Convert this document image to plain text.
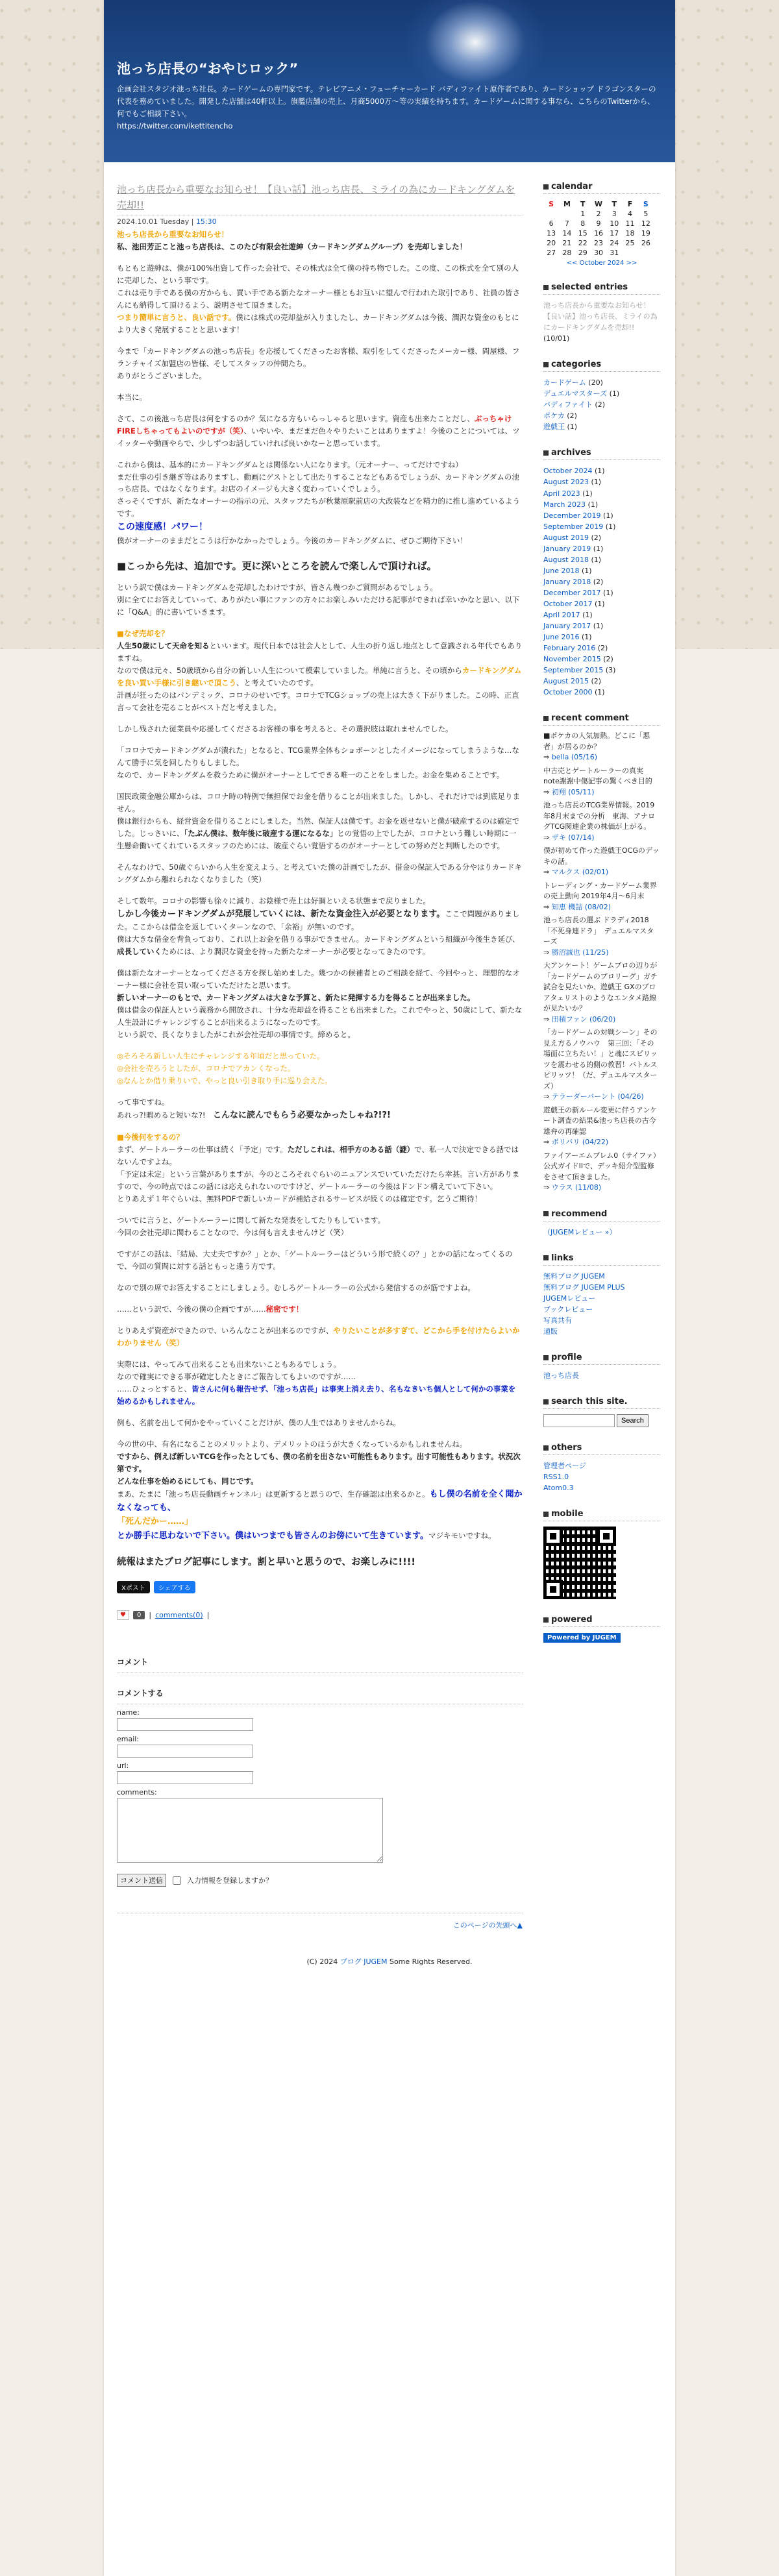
池っち店長の“おやじロック”
企画会社スタジオ池っち社長。カードゲームの専門家です。テレビアニメ・フューチャーカード バディファイト原作者であり、カードショップ ドラゴンスターの代表を務めていました。開発した店舗は40軒以上。旗艦店舗の売上、月商5000万〜等の実績を持ちます。カードゲームに関する事なら、こちらのTwitterから、何でもご相談下さい。
https://twitter.com/ikettitencho
池っち店長から重要なお知らせ！【良い話】池っち店長、ミライの為にカードキングダムを売却!!
2024.10.01 Tuesday | 15:30

池っち店長から重要なお知らせ！

私、池田芳正こと池っち店長は、このたび有限会社遊紳（カードキングダムグループ）を売却しました！

もともと遊紳は、僕が100%出資して作った会社で、その株式は全て僕の持ち物でした。この度、この株式を全て別の人に売却した、という事です。
これは売り手である僕の方からも、買い手である新たなオーナー様ともお互いに望んで行われた取引であり、社員の皆さんにも納得して頂けるよう、説明させて頂きました。
つまり簡単に言うと、良い話です。僕には株式の売却益が入りましたし、カードキングダムは今後、潤沢な資金のもとにより大きく発展することと思います！

今まで「カードキングダムの池っち店長」を応援してくださったお客様、取引をしてくださったメーカー様、問屋様、フランチャイズ加盟店の皆様、そしてスタッフの仲間たち。
ありがとうございました。

本当に。

さて、この後池っち店長は何をするのか？気になる方もいらっしゃると思います。資産も出来たことだし、ぶっちゃけFIREしちゃってもよいのですが（笑）、いやいや、まだまだ色々やりたいことはありますよ！今後のことについては、ツイッターや動画やらで、少しずつお話していければ良いかなーと思っています。

これから僕は、基本的にカードキングダムとは関係ない人になります。（元オーナー、ってだけですね）
まだ仕事の引き継ぎ等はありますし、動画にゲストとして出たりすることなどもあるでしょうが、カードキングダムの池っち店長、ではなくなります。お店のイメージも大きく変わっていくでしょう。
さっそくですが、新たなオーナーの指示の元、スタッフたちが秋葉原駅前店の大改装などを精力的に推し進めているようです。
この速度感！パワー！
僕がオーナーのままだとこうは行かなかったでしょう。今後のカードキングダムに、ぜひご期待下さい！

■こっから先は、追加です。更に深いところを読んで楽しんで頂ければ。

という訳で僕はカードキングダムを売却したわけですが、皆さん幾つかご質問があるでしょう。
別に全てにお答えしていって、ありがたい事にファンの方々にお楽しみいただける記事ができれば幸いかなと思い、以下に「Q&A」的に書いていきます。

■なぜ売却を？

人生50歳にして天命を知るといいます。現代日本では社会人として、人生の折り返し地点として意識される年代でもありますね。
なので僕は元々、50歳頃から自分の新しい人生について模索していました。単純に言うと、その頃からカードキングダムを良い買い手様に引き継いで頂こう、と考えていたのです。
計画が狂ったのはパンデミック、コロナのせいです。コロナでTCGショップの売上は大きく下がりました。この時、正直言って会社を売ることがベストだと考えました。

しかし残された従業員や応援してくださるお客様の事を考えると、その選択肢は取れませんでした。

「コロナでカードキングダムが潰れた」となると、TCG業界全体もショボーンとしたイメージになってしまうような…なんて勝手に気を回したりもしました。
なので、カードキングダムを救うために僕がオーナーとしてできる唯一のことをしました。お金を集めることです。

国民政策金融公庫からは、コロナ時の特例で無担保でお金を借りることが出来ました。しかし、それだけでは到底足りません。
僕は銀行からも、経営資金を借りることにしました。当然、保証人は僕です。お金を返せないと僕が破産するのは確定でした。じっさいに、「たぶん僕は、数年後に破産する運になるな」との覚悟の上でしたが、コロナという難しい時期に一生懸命働いてくれているスタッフのためには、破産ぐらい覚悟するのがオーナーとしての努めだと判断したのです。

そんなわけで、50歳ぐらいから人生を変えよう、と考えていた僕の計画でしたが、借金の保証人である分やはりカードキングダムから離れられなくなりました（笑）

そして数年。コロナの影響も徐々に減り、お陰様で売上は好調といえる状態まで戻りました。
しかし今後カードキングダムが発展していくには、新たな資金注入が必要となります。ここで問題がありました。ここからは借金を返していくターンなので、「余裕」が無いのです。
僕は大きな借金を背負っており、これ以上お金を借りる事ができません。カードキングダムという組織が今後生き延び、成長していくためには、より潤沢な資金を持った新たなオーナーが必要となってきたのです。

僕は新たなオーナーとなってくださる方を探し始めました。幾つかの候補者とのご相談を経て、今回やっと、理想的なオーナー様に会社を買い取っていただけたと思います。
新しいオーナーのもとで、カードキングダムは大きな予算と、新たに発揮する力を得ることが出来ました。
僕は借金の保証人という義務から開放され、十分な売却益を得ることも出来ました。これでやっと、50歳にして、新たな人生設計にチャレンジすることが出来るようになったのです。
という訳で、長くなりましたがこれが会社売却の事情です。締めると。

◎そろそろ新しい人生にチャレンジする年頃だと思っていた。
◎会社を売ろうとしたが、コロナでアカンくなった。
◎なんとか借り乗りいで、やっと良い引き取り手に巡り会えた。

って事ですね。
あれっ?!暇めると短いな?!　 こんなに読んでもらう必要なかったしゃね?!?!

■今後何をするの？

まず、ゲートルーラーの仕事は続く「予定」です。ただしこれは、相手方のある話（謎）で、私一人で決定できる話ではないんですよね。
「予定は未定」という言葉がありますが、今のところそれぐらいのニュアンスでいていただけたら幸甚。言い方がありますので、今の時点ではこの話には応えられないのですけど、ゲートルーラーの今後はドンドン構えていて下さい。
とりあえず１年ぐらいは、無料PDFで新しいカードが補給されるサービスが続くのは確定です。乞うご期待！

ついでに言うと、ゲートルーラーに関して新たな発表をしてたりもしています。
今回の会社売却に関わることなので、今は何も言えませんけど（笑）

ですがこの話は、「結局、大丈夫ですか？」とか、「ゲートルーラーはどういう形で続くの？」とかの話になってくるので、今回の質問に対する話ともっと違う方です。

なので別の席でお答えすることにしましょう。むしろゲートルーラーの公式から発信するのが筋ですよね。

……という訳で、今後の僕の企画ですが……秘密です！

とりあえず資産ができたので、いろんなことが出来るのですが、やりたいことが多すぎて、どこから手を付けたらよいかわかりません（笑）

実際には、やってみて出来ることも出来ないこともあるでしょう。
なので確実にできる事が確定したときにご報告してもよいのですが……
……ひょっとすると、皆さんに何も報告せず、「池っち店長」は事実上消え去り、名もなきいち個人として何かの事業を始めるかもしれません。

例も、名前を出して何かをやっていくことだけが、僕の人生ではありませんからね。

今の世の中、有名になることのメリットより、デメリットのほうが大きくなっているかもしれませんね。
ですから、例えば新しいTCGを作ったとしても、僕の名前を出さない可能性もあります。出す可能性もあります。状況次第です。
どんな仕事を始めるにしても、同じです。
まあ、たまに「池っち店長動画チャンネル」は更新すると思うので、生存確認は出来るかと。もし僕の名前を全く聞かなくなっても、
「死んだかー……」
とか勝手に思わないで下さい。僕はいつまでも皆さんのお傍にいて生きています。マジキモいですね。

続報はまたブログ記事にします。割と早いと思うので、お楽しみに!!!!
Xポスト	シェアする
♥	0	| comments(0) |
コメント
コメントする
name:
email:
url:
comments:
コメント送信	入力情報を登録しますか？
このページの先頭へ▲
calendar
S	M	T	W	T	F	S
		1	2	3	4	5
6	7	8	9	10	11	12
13	14	15	16	17	18	19
20	21	22	23	24	25	26
27	28	29	30	31		
<< October 2024 >>
selected entries
池っち店長から重要なお知らせ！【良い話】池っち店長、ミライの為にカードキングダムを売却!! (10/01)
categories
カードゲーム (20)
デュエルマスターズ (1)
バディファイト (2)
ポケカ (2)
遊戯王 (1)
archives
October 2024 (1)
August 2023 (1)
April 2023 (1)
March 2023 (1)
December 2019 (1)
September 2019 (1)
August 2019 (2)
January 2019 (1)
August 2018 (1)
June 2018 (1)
January 2018 (2)
December 2017 (1)
October 2017 (1)
April 2017 (1)
January 2017 (1)
June 2016 (1)
February 2016 (2)
November 2015 (2)
September 2015 (3)
August 2015 (2)
October 2000 (1)
recent comment
■ポケカの人気加熱。どこに「悪者」が居るのか？
⇒ bella (05/16)
中古売とゲートルーラーの真実　note謝謝中傷記事の驚くべき目的
⇒ 初翔 (05/11)
池っち店長のTCG業界情報。2019年8月末までの分析　東海、アナログTCG関連企業の株価が上がる。
⇒ ザキ (07/14)
僕が初めて作った遊戯王OCGのデッキの話。
⇒ マルクス (02/01)
トレーディング・カードゲーム業界の売上動向 2019年4月〜6月末
⇒ 知恵 機詰 (08/02)
池っち店長の選ぶ ドラディ2018「不死身連ドラ」　デュエルマスターズ
⇒ 勝沼誠也 (11/25)
大アンケート！ゲームプロの辺りが「カードゲームのプロリーグ」ガチ試合を見たいか、遊戯王 GXのブロアタェリストのようなエンタメ路線が見たいか？
⇒ 田積ファン (06/20)
「カードゲームの対戦シーン」その見え方るノウハウ　第三回：「その場面に立ちたい！」と魂にスピリッツを震わせる的側の教習！バトルスピリッツ！（だ、デュエルマスターズ）
⇒ テラーダーバーント (04/26)
遊戯王の新ルール変更に伴うアンケート調査の結果&池っち店長の古今雄弁の再確認
⇒ ボリバリ (04/22)
ファイアーエムブレム0（サイファ）公式ガイドIIで、デッキ紹介型監修をさせて頂きました。
⇒ ウラス (11/08)
recommend
（JUGEMレビュー »）
links
無料ブログ JUGEM
無料ブログ JUGEM PLUS
JUGEMレビュー
ブックレビュー
写真共有
通販
profile
池っち店長
search this site.
Search
others
管理者ページ
RSS1.0
Atom0.3
mobile
powered
Powered by JUGEM
(C) 2024 ブログ JUGEM Some Rights Reserved.
